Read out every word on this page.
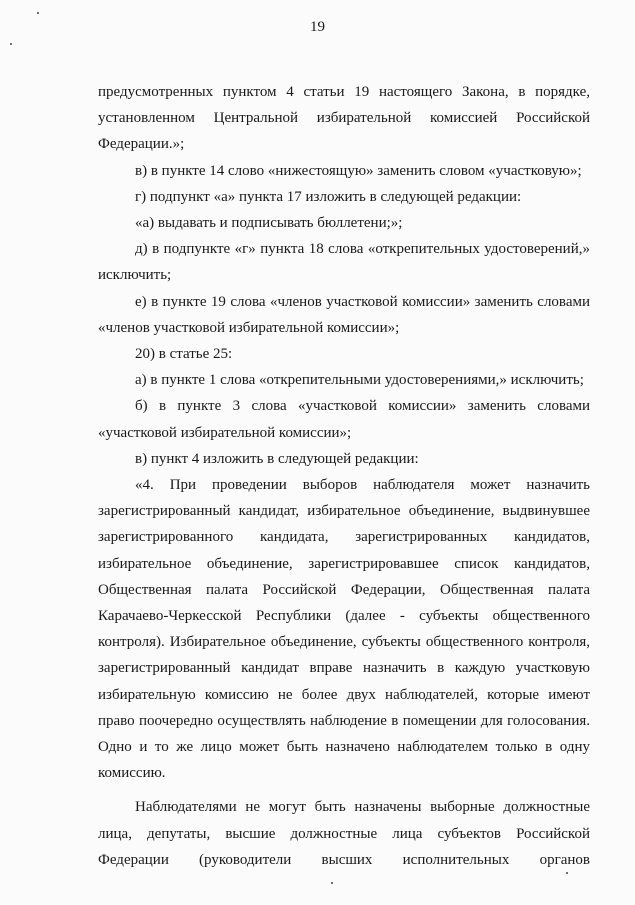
19
предусмотренных пунктом 4 статьи 19 настоящего Закона, в порядке,
установленном Центральной избирательной комиссией Российской
Федерации.»;
в) в пункте 14 слово «нижестоящую» заменить словом «участковую»;
г) подпункт «а» пункта 17 изложить в следующей редакции:
«а) выдавать и подписывать бюллетени;»;
д) в подпункте «г» пункта 18 слова «открепительных удостоверений,»
исключить;
е) в пункте 19 слова «членов участковой комиссии» заменить словами
«членов участковой избирательной комиссии»;
20) в статье 25:
а) в пункте 1 слова «открепительными удостоверениями,» исключить;
б) в пункте 3 слова «участковой комиссии» заменить словами
«участковой избирательной комиссии»;
в) пункт 4 изложить в следующей редакции:
«4. При проведении выборов наблюдателя может назначить
зарегистрированный кандидат, избирательное объединение, выдвинувшее
зарегистрированного кандидата, зарегистрированных кандидатов,
избирательное объединение, зарегистрировавшее список кандидатов,
Общественная палата Российской Федерации, Общественная палата
Карачаево-Черкесской Республики (далее - субъекты общественного
контроля). Избирательное объединение, субъекты общественного контроля,
зарегистрированный кандидат вправе назначить в каждую участковую
избирательную комиссию не более двух наблюдателей, которые имеют
право поочередно осуществлять наблюдение в помещении для голосования.
Одно и то же лицо может быть назначено наблюдателем только в одну
комиссию.
Наблюдателями не могут быть назначены выборные должностные
лица, депутаты, высшие должностные лица субъектов Российской
Федерации (руководители высших исполнительных органов
